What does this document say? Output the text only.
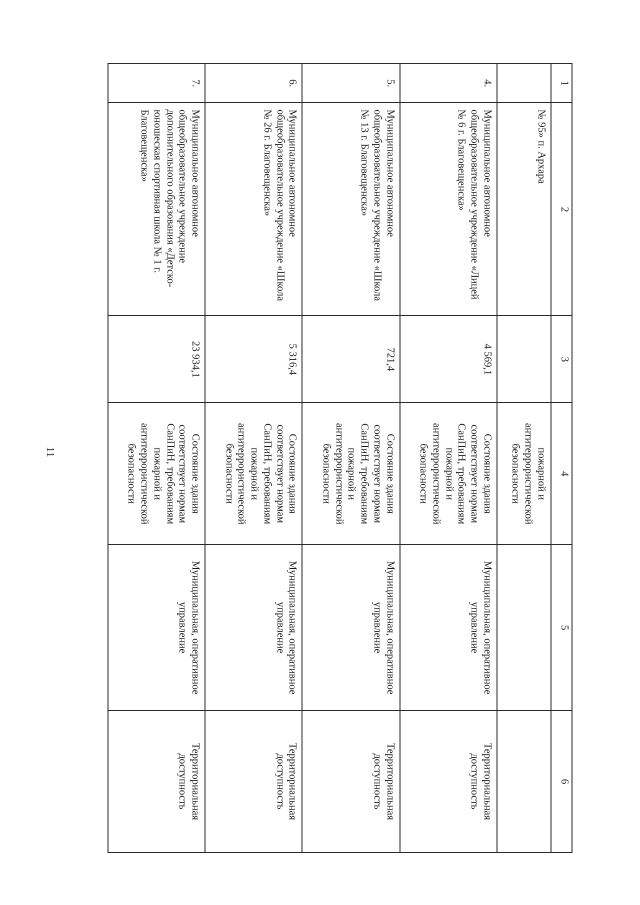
11
1	2	3	4	5	6
	№ 95» п. Архара		пожарной и антитеррористической безопасности		
4.	Муниципальное автономное общеобразовательное учреждение «Лицей № 6 г. Благовещенска»	4 569,1	Состояние здания соответствует нормам СанПиН, требованиям пожарной и антитеррористической безопасности	Муниципальная, оперативное управление	Территориальная доступность
5.	Муниципальное автономное общеобразовательное учреждение «Школа № 13 г. Благовещенска»	721,4	Состояние здания соответствует нормам СанПиН, требованиям пожарной и антитеррористической безопасности	Муниципальная, оперативное управление	Территориальная доступность
6.	Муниципальное автономное общеобразовательное учреждение «Школа № 26 г. Благовещенска»	5 316,4	Состояние здания соответствует нормам СанПиН, требованиям пожарной и антитеррористической безопасности	Муниципальная, оперативное управление	Территориальная доступность
7.	Муниципальное автономное общеобразовательное учреждение дополнительного образования «Детско-юношеская спортивная школа № 1 г. Благовещенска»	23 934,1	Состояние здания соответствует нормам СанПиН, требованиям пожарной и антитеррористической безопасности	Муниципальная, оперативное управление	Территориальная доступность
